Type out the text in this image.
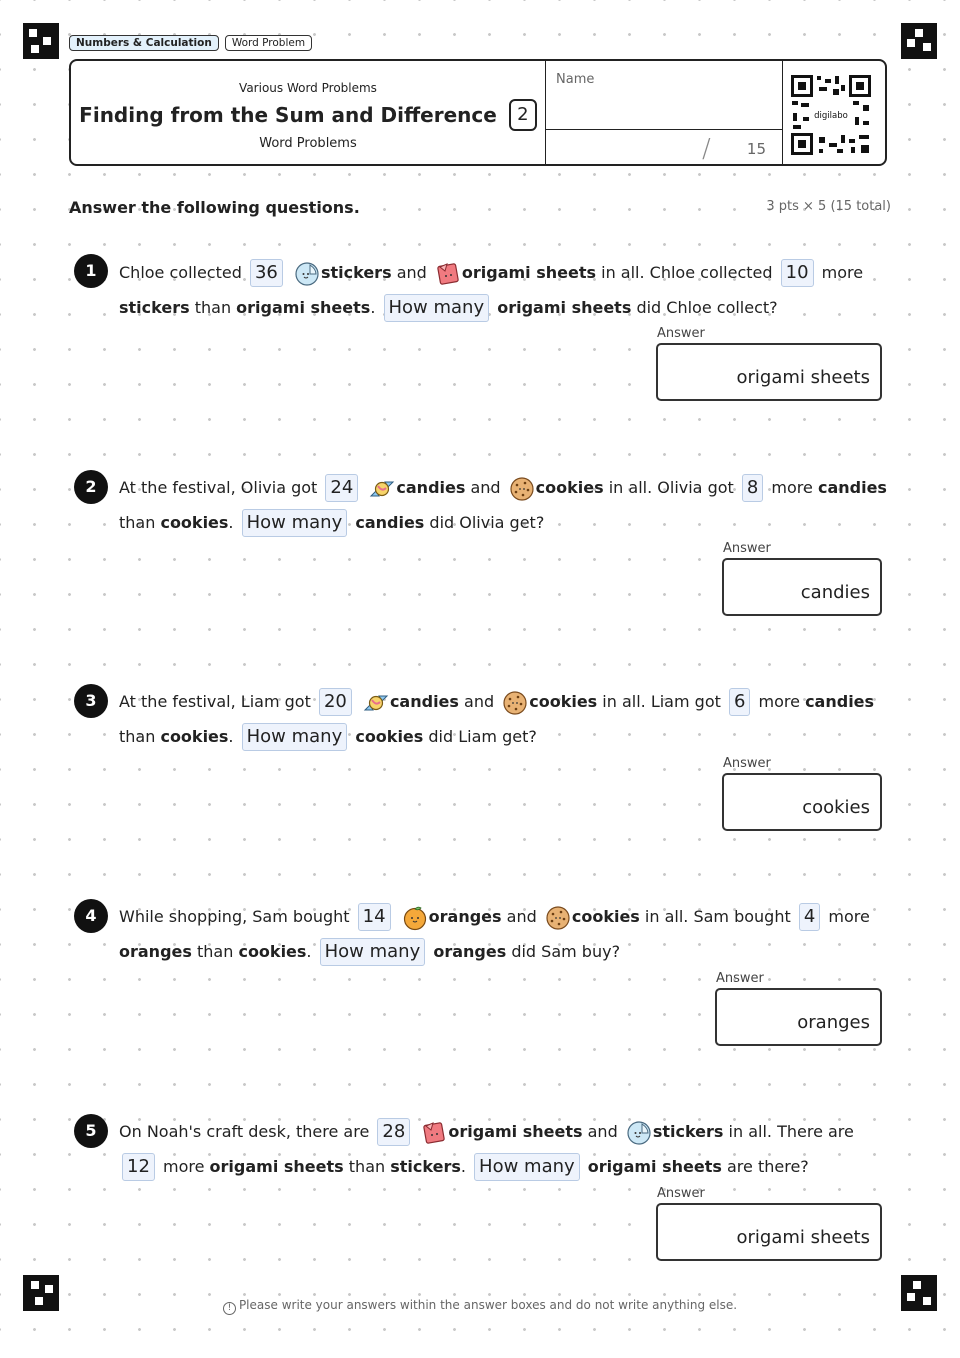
Numbers & Calculation	Word Problem
Various Word Problems
Finding from the Sum and Difference	2
Word Problems
Name
/ 15
digilabo
Answer the following questions.	3 pts × 5 (15 total)
1	Chloe collected 36	stickers and origami sheets in all. Chloe collected 10 more stickers than origami sheets. How many origami sheets did Chloe collect?
Answer
origami sheets
2	At the festival, Olivia got 24	candies and cookies in all. Olivia got 8 more candies than cookies. How many candies did Olivia get?
Answer
candies
3	At the festival, Liam got 20	candies and cookies in all. Liam got 6 more candies than cookies. How many cookies did Liam get?
Answer
cookies
4	While shopping, Sam bought 14	oranges and cookies in all. Sam bought 4 more oranges than cookies. How many oranges did Sam buy?
Answer
oranges
5	On Noah's craft desk, there are 28	origami sheets and stickers in all. There are 12 more origami sheets than stickers. How many origami sheets are there?
Answer
origami sheets
! Please write your answers within the answer boxes and do not write anything else.
